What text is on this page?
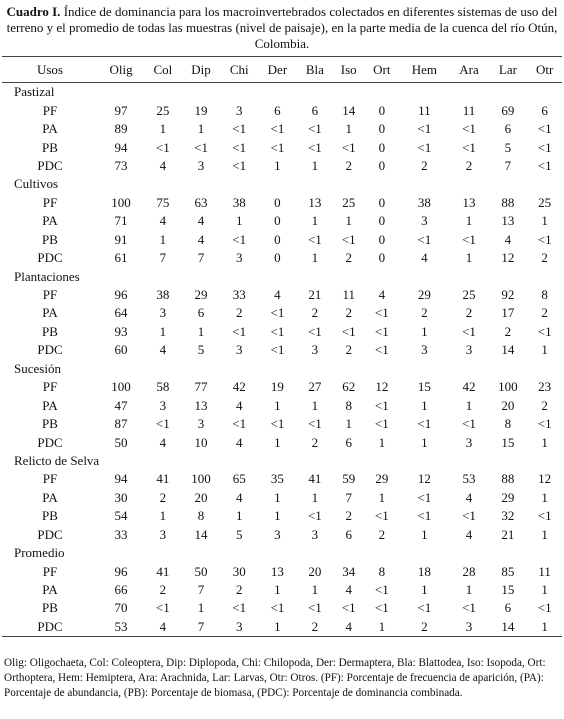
Cuadro I. Índice de dominancia para los macroinvertebrados colectados en diferentes sistemas de uso del terreno y el promedio de todas las muestras (nivel de paisaje), en la parte media de la cuenca del río Otún, Colombia.

Usos	Olig	Col	Dip	Chi	Der	Bla	Iso	Ort	Hem	Ara	Lar	Otr
Pastizal												
PF	97	25	19	3	6	6	14	0	11	11	69	6
PA	89	1	1	<1	<1	<1	1	0	<1	<1	6	<1
PB	94	<1	<1	<1	<1	<1	<1	0	<1	<1	5	<1
PDC	73	4	3	<1	1	1	2	0	2	2	7	<1
Cultivos												
PF	100	75	63	38	0	13	25	0	38	13	88	25
PA	71	4	4	1	0	1	1	0	3	1	13	1
PB	91	1	4	<1	0	<1	<1	0	<1	<1	4	<1
PDC	61	7	7	3	0	1	2	0	4	1	12	2
Plantaciones												
PF	96	38	29	33	4	21	11	4	29	25	92	8
PA	64	3	6	2	<1	2	2	<1	2	2	17	2
PB	93	1	1	<1	<1	<1	<1	<1	1	<1	2	<1
PDC	60	4	5	3	<1	3	2	<1	3	3	14	1
Sucesión												
PF	100	58	77	42	19	27	62	12	15	42	100	23
PA	47	3	13	4	1	1	8	<1	1	1	20	2
PB	87	<1	3	<1	<1	<1	1	<1	<1	<1	8	<1
PDC	50	4	10	4	1	2	6	1	1	3	15	1
Relicto de Selva												
PF	94	41	100	65	35	41	59	29	12	53	88	12
PA	30	2	20	4	1	1	7	1	<1	4	29	1
PB	54	1	8	1	1	<1	2	<1	<1	<1	32	<1
PDC	33	3	14	5	3	3	6	2	1	4	21	1
Promedio												
PF	96	41	50	30	13	20	34	8	18	28	85	11
PA	66	2	7	2	1	1	4	<1	1	1	15	1
PB	70	<1	1	<1	<1	<1	<1	<1	<1	<1	6	<1
PDC	53	4	7	3	1	2	4	1	2	3	14	1

Olig: Oligochaeta, Col: Coleoptera, Dip: Diplopoda, Chi: Chilopoda, Der: Dermaptera, Bla: Blattodea, Iso: Isopoda, Ort: Orthoptera, Hem: Hemiptera, Ara: Arachnida, Lar: Larvas, Otr: Otros. (PF): Porcentaje de frecuencia de aparición, (PA): Porcentaje de abundancia, (PB): Porcentaje de biomasa, (PDC): Porcentaje de dominancia combinada.
